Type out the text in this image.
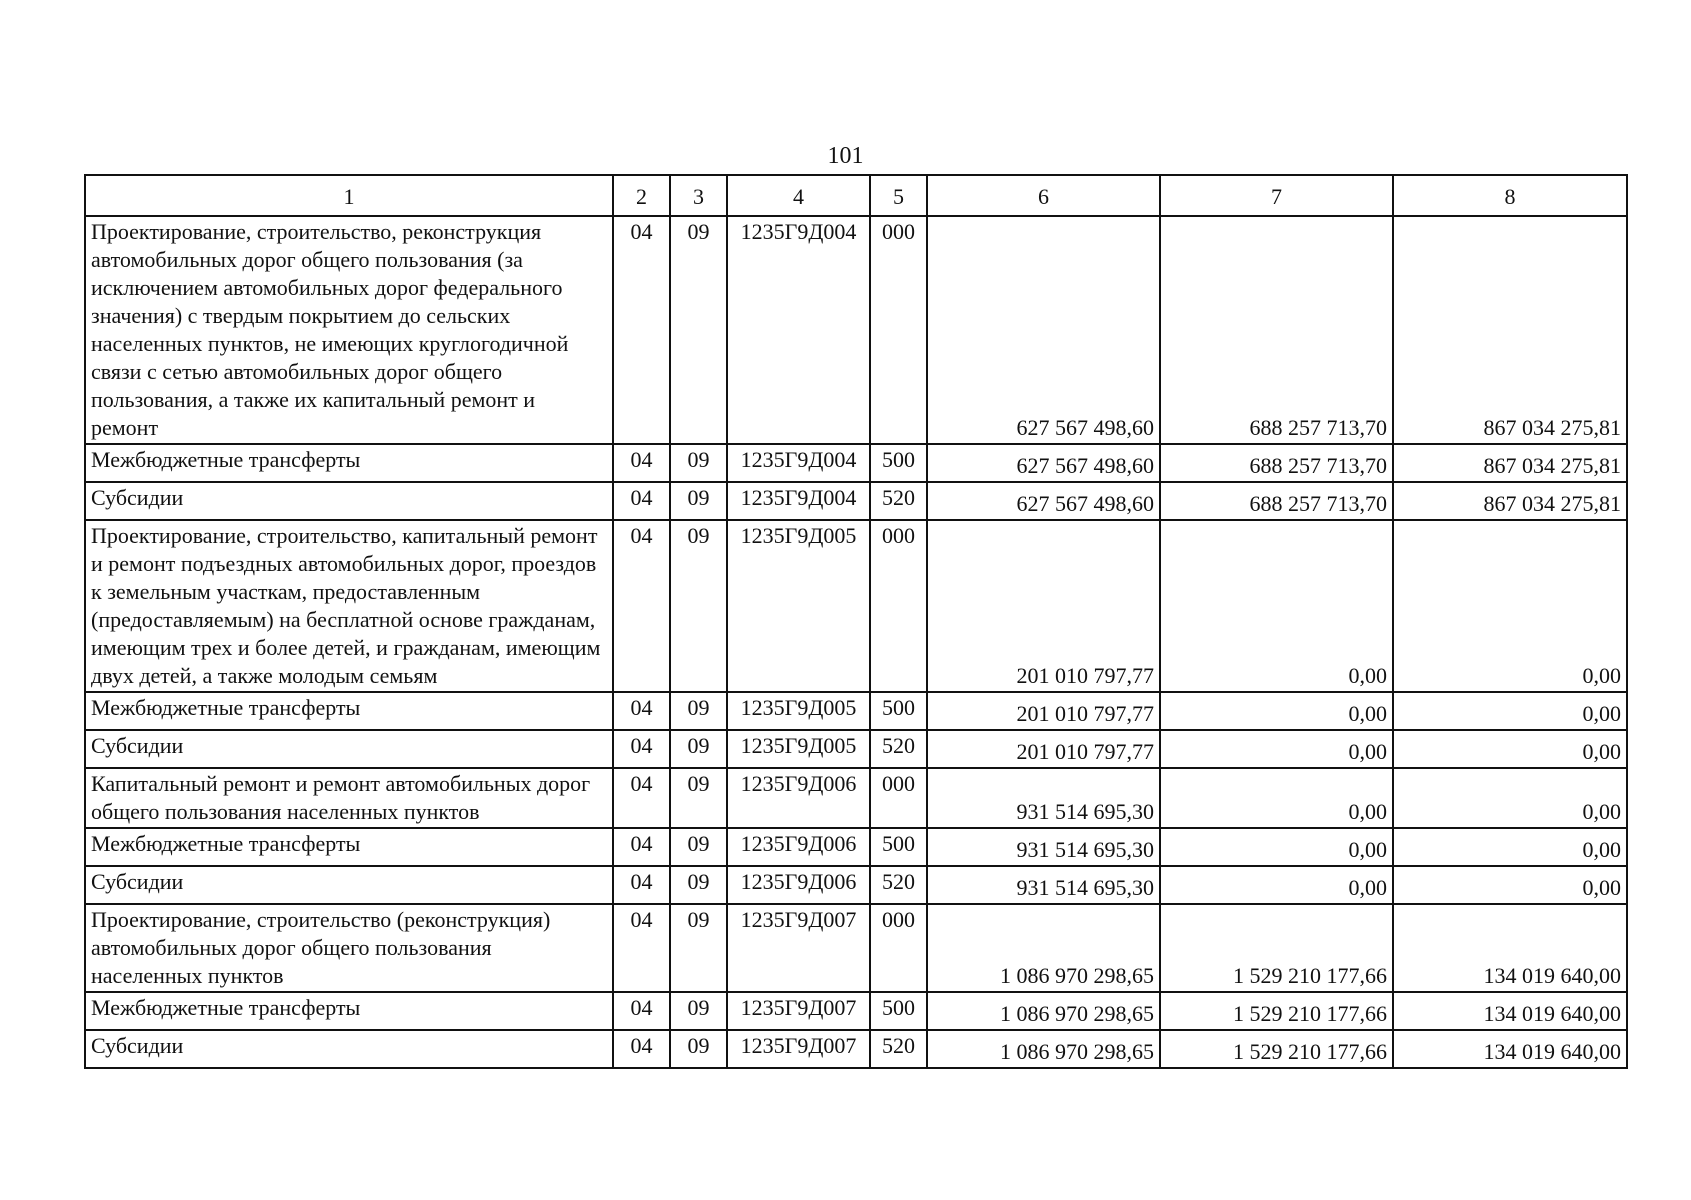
101
1	2	3	4	5	6	7	8
Проектирование, строительство, реконструкция автомобильных дорог общего пользования (за исключением автомобильных дорог федерального значения) с твердым покрытием до сельских населенных пунктов, не имеющих круглогодичной связи с сетью автомобильных дорог общего пользования, а также их капитальный ремонт и ремонт	04	09	1235Г9Д004	000	627 567 498,60	688 257 713,70	867 034 275,81
Межбюджетные трансферты	04	09	1235Г9Д004	500	627 567 498,60	688 257 713,70	867 034 275,81
Субсидии	04	09	1235Г9Д004	520	627 567 498,60	688 257 713,70	867 034 275,81
Проектирование, строительство, капитальный ремонт и ремонт подъездных автомобильных дорог, проездов к земельным участкам, предоставленным (предоставляемым) на бесплатной основе гражданам, имеющим трех и более детей, и гражданам, имеющим двух детей, а также молодым семьям	04	09	1235Г9Д005	000	201 010 797,77	0,00	0,00
Межбюджетные трансферты	04	09	1235Г9Д005	500	201 010 797,77	0,00	0,00
Субсидии	04	09	1235Г9Д005	520	201 010 797,77	0,00	0,00
Капитальный ремонт и ремонт автомобильных дорог общего пользования населенных пунктов	04	09	1235Г9Д006	000	931 514 695,30	0,00	0,00
Межбюджетные трансферты	04	09	1235Г9Д006	500	931 514 695,30	0,00	0,00
Субсидии	04	09	1235Г9Д006	520	931 514 695,30	0,00	0,00
Проектирование, строительство (реконструкция) автомобильных дорог общего пользования населенных пунктов	04	09	1235Г9Д007	000	1 086 970 298,65	1 529 210 177,66	134 019 640,00
Межбюджетные трансферты	04	09	1235Г9Д007	500	1 086 970 298,65	1 529 210 177,66	134 019 640,00
Субсидии	04	09	1235Г9Д007	520	1 086 970 298,65	1 529 210 177,66	134 019 640,00
